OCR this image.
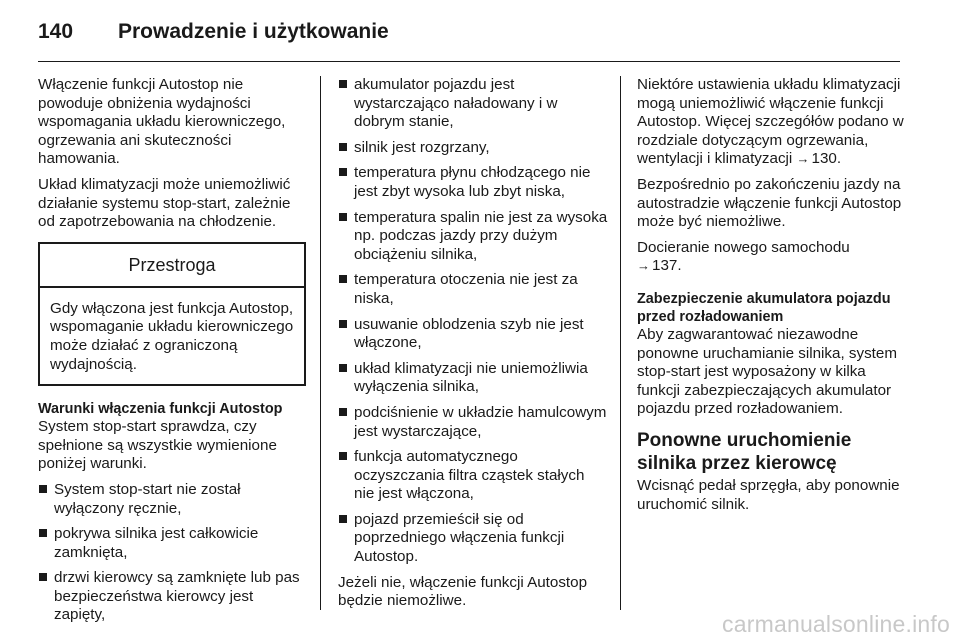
140	Prowadzenie i użytkowanie

Włączenie funkcji Autostop nie powoduje obniżenia wydajności wspomagania układu kierowniczego, ogrzewania ani skuteczności hamowania.

Układ klimatyzacji może uniemożliwić działanie systemu stop-start, zależnie od zapotrzebowania na chłodzenie.

Przestroga
Gdy włączona jest funkcja Autostop, wspomaganie układu kierowniczego może działać z ograniczoną wydajnością.
Warunki włączenia funkcji Autostop

System stop-start sprawdza, czy spełnione są wszystkie wymienione poniżej warunki.

System stop-start nie został wyłączony ręcznie,
pokrywa silnika jest całkowicie zamknięta,
drzwi kierowcy są zamknięte lub pas bezpieczeństwa kierowcy jest zapięty,
akumulator pojazdu jest wystarczająco naładowany i w dobrym stanie,
silnik jest rozgrzany,
temperatura płynu chłodzącego nie jest zbyt wysoka lub zbyt niska,
temperatura spalin nie jest za wysoka np. podczas jazdy przy dużym obciążeniu silnika,
temperatura otoczenia nie jest za niska,
usuwanie oblodzenia szyb nie jest włączone,
układ klimatyzacji nie uniemożliwia wyłączenia silnika,
podciśnienie w układzie hamulcowym jest wystarczające,
funkcja automatycznego oczyszczania filtra cząstek stałych nie jest włączona,
pojazd przemieścił się od poprzedniego włączenia funkcji Autostop.

Jeżeli nie, włączenie funkcji Autostop będzie niemożliwe.

Niektóre ustawienia układu klimatyzacji mogą uniemożliwić włączenie funkcji Autostop. Więcej szczegółów podano w rozdziale dotyczącym ogrzewania, wentylacji i klimatyzacji → 130.

Bezpośrednio po zakończeniu jazdy na autostradzie włączenie funkcji Autostop może być niemożliwe.

Docieranie nowego samochodu
→ 137.

Zabezpieczenie akumulatora pojazdu przed rozładowaniem

Aby zagwarantować niezawodne ponowne uruchamianie silnika, system stop-start jest wyposażony w kilka funkcji zabezpieczających akumulator pojazdu przed rozładowaniem.

Ponowne uruchomienie silnika przez kierowcę

Wcisnąć pedał sprzęgła, aby ponownie uruchomić silnik.

carmanualsonline.info
